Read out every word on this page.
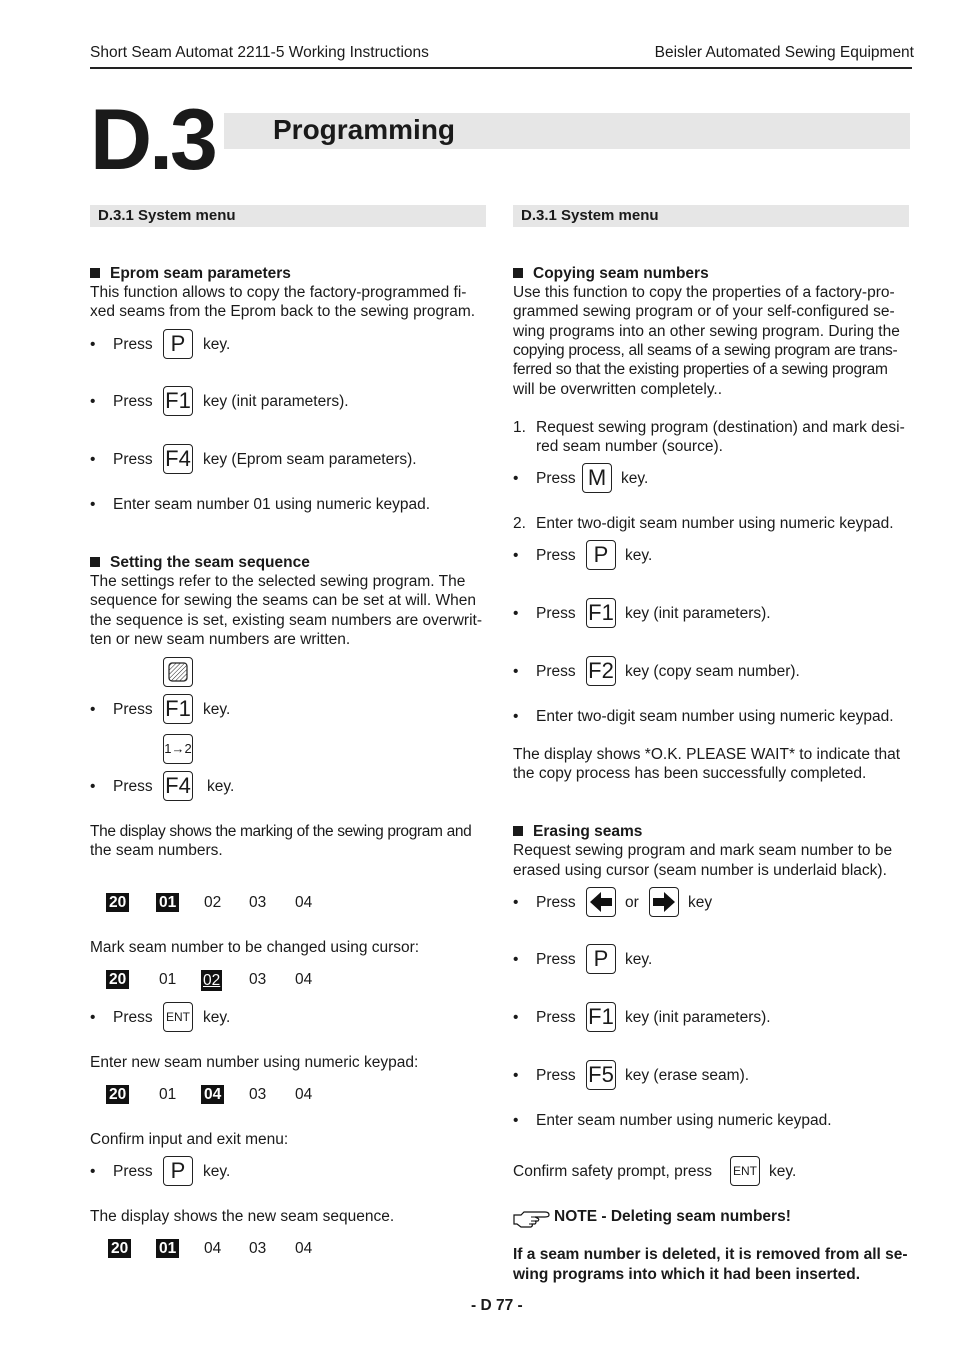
Short Seam Automat 2211-5 Working Instructions	Beisler Automated Sewing Equipment
D.3 Programming
D.3.1 System menu
Eprom seam parameters
This function allows to copy the factory-programmed fi-
xed seams from the Eprom back to the sewing program.
• Press P	key.
• Press F1 key (init parameters).
• Press F4 key (Eprom seam parameters).
• Enter seam number 01 using numeric keypad.
Setting the seam sequence
The settings refer to the selected sewing program. The
sequence for sewing the seams can be set at will. When
the sequence is set, existing seam numbers are overwrit-
ten or new seam numbers are written.
• Press F1 key.
1→2
• Press F4 key.
The display shows the marking of the sewing program and
the seam numbers.
20 01 02 03 04
Mark seam number to be changed using cursor:
20 01 02 03 04
• Press ENT key.
Enter new seam number using numeric keypad:
20 01 04 03 04
Confirm input and exit menu:
• Press P	key.
The display shows the new seam sequence.
20 01 04 03 04
D.3.1 System menu
Copying seam numbers
Use this function to copy the properties of a factory-pro-
grammed sewing program or of your self-configured se-
wing programs into an other sewing program. During the
copying process, all seams of a sewing program are trans-
ferred so that the existing properties of a sewing program
will be overwritten completely..
1. Request sewing program (destination) and mark desi-
red seam number (source).
• Press M key.
2. Enter two-digit seam number using numeric keypad.
• Press P	key.
• Press F1 key (init parameters).
• Press F2 key (copy seam number).
• Enter two-digit seam number using numeric keypad.
The display shows *O.K. PLEASE WAIT* to indicate that
the copy process has been successfully completed.
Erasing seams
Request sewing program and mark seam number to be
erased using cursor (seam number is underlaid black).
• Press	or	key
• Press P	key.
• Press F1 key (init parameters).
• Press F5 key (erase seam).
• Enter seam number using numeric keypad.
Confirm safety prompt, press ENT key.
NOTE - Deleting seam numbers!
If a seam number is deleted, it is removed from all se-
wing programs into which it had been inserted.
- D 77 -
